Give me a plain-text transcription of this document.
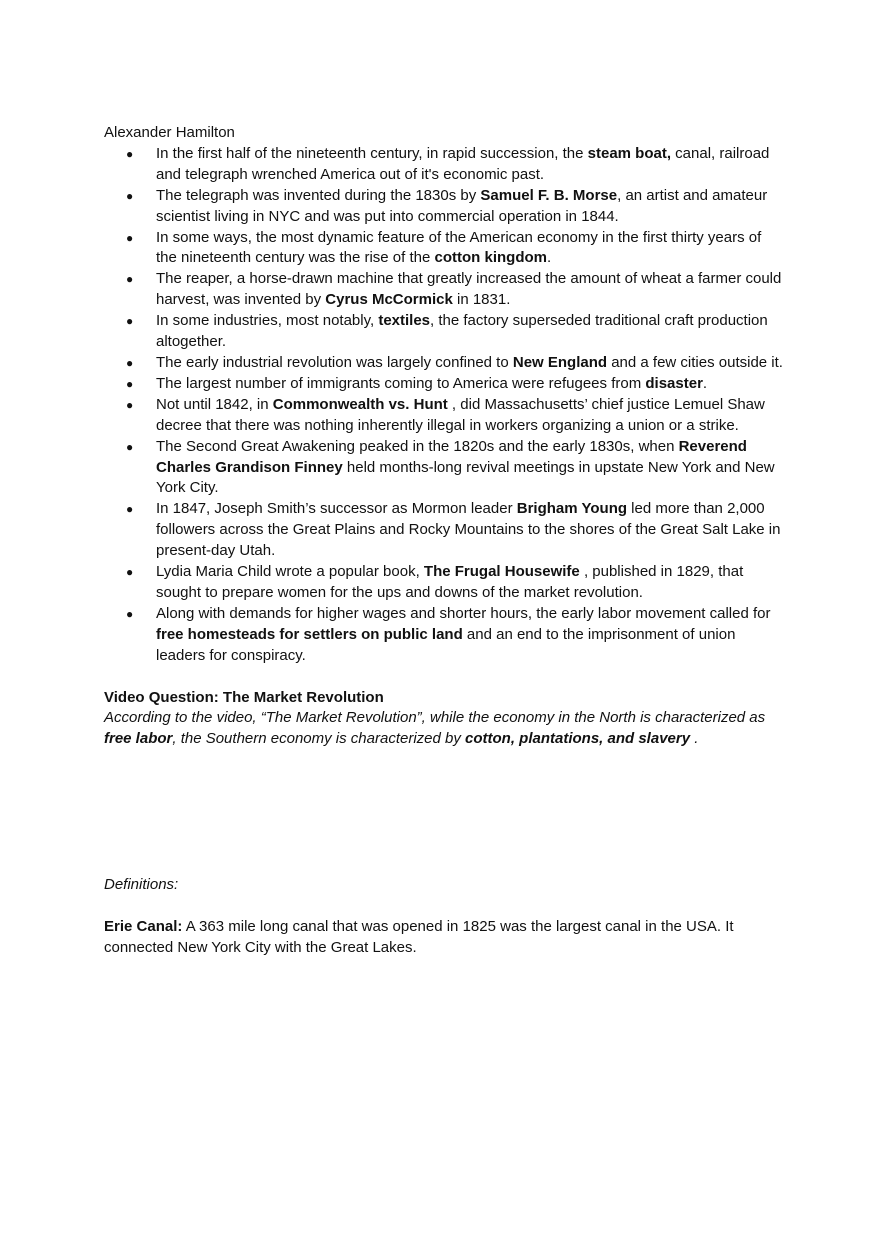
Alexander Hamilton
● In the first half of the nineteenth century, in rapid succession, the steam boat, canal, railroad and telegraph wrenched America out of it's economic past.
● The telegraph was invented during the 1830s by Samuel F. B. Morse, an artist and amateur scientist living in NYC and was put into commercial operation in 1844.
● In some ways, the most dynamic feature of the American economy in the first thirty years of the nineteenth century was the rise of the cotton kingdom.
● The reaper, a horse-drawn machine that greatly increased the amount of wheat a farmer could harvest, was invented by Cyrus McCormick in 1831.
● In some industries, most notably, textiles, the factory superseded traditional craft production altogether.
● The early industrial revolution was largely confined to New England and a few cities outside it.
● The largest number of immigrants coming to America were refugees from disaster.
● Not until 1842, in Commonwealth vs. Hunt , did Massachusetts’ chief justice Lemuel Shaw decree that there was nothing inherently illegal in workers organizing a union or a strike.
● The Second Great Awakening peaked in the 1820s and the early 1830s, when Reverend Charles Grandison Finney held months-long revival meetings in upstate New York and New York City.
● In 1847, Joseph Smith’s successor as Mormon leader Brigham Young led more than 2,000 followers across the Great Plains and Rocky Mountains to the shores of the Great Salt Lake in present-day Utah.
● Lydia Maria Child wrote a popular book, The Frugal Housewife , published in 1829, that sought to prepare women for the ups and downs of the market revolution.
● Along with demands for higher wages and shorter hours, the early labor movement called for free homesteads for settlers on public land and an end to the imprisonment of union leaders for conspiracy.
Video Question: The Market Revolution
According to the video, “The Market Revolution”, while the economy in the North is characterized as free labor, the Southern economy is characterized by cotton, plantations, and slavery .
Definitions:
Erie Canal: A 363 mile long canal that was opened in 1825 was the largest canal in the USA. It connected New York City with the Great Lakes.
